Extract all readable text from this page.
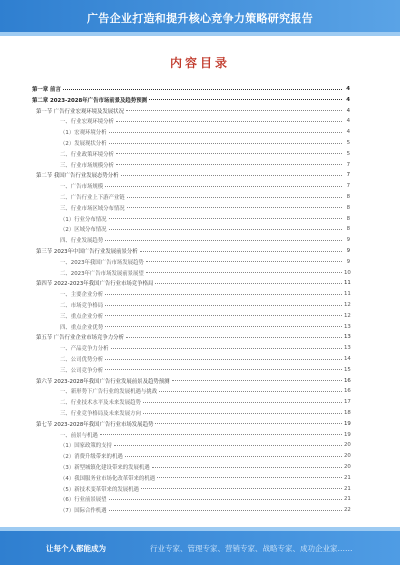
广告企业打造和提升核心竞争力策略研究报告
内容目录
第一章 前言	4
第二章 2023-2028年广告市场前景及趋势预测	4
第一节 广告行业宏观环境及发展状况	4
一、行业宏观环境分析	4
（1）宏观环境分析	4
（2）发展现状分析	5
二、行业政策环境分析	5
三、行业市场规模分析	7
第二节 我国广告行业发展态势分析	7
一、广告市场规模	7
二、广告行业上下游产业链	8
三、行业市场区域分布情况	8
（1）行业分布情况	8
（2）区域分布情况	8
四、行业发展趋势	9
第三节 2023年中国广告行业发展前景分析	9
一、2023年我国广告市场发展趋势	9
二、2023年广告市场发展前景展望	10
第四节 2022-2023年我国广告行业市场竞争格局	11
一、主要企业分析	11
二、市场竞争格局	12
三、重点企业分析	12
四、重点企业优势	13
第五节 广告行业企业市场竞争力分析	13
一、产品竞争力分析	13
二、公司优势分析	14
三、公司竞争分析	15
第六节 2023-2028年我国广告行业发展前景及趋势预测	16
一、新形势下广告行业的发展机遇与挑战	16
二、行业技术水平及未来发展趋势	17
三、行业竞争格局及未来发展方向	18
第七节 2023-2028年我国广告行业市场发展趋势	19
一、前景与机遇	19
（1）国家政策的支持	20
（2）消费升级带来的机遇	20
（3）新型城镇化建设带来的发展机遇	20
（4）我国服务业市场化改革带来的机遇	21
（5）新技术变革带来的发展机遇	21
（6）行业前景展望	21
（7）国际合作机遇	22
让每个人都能成为	行业专家、管理专家、营销专家、战略专家、成功企业家……
